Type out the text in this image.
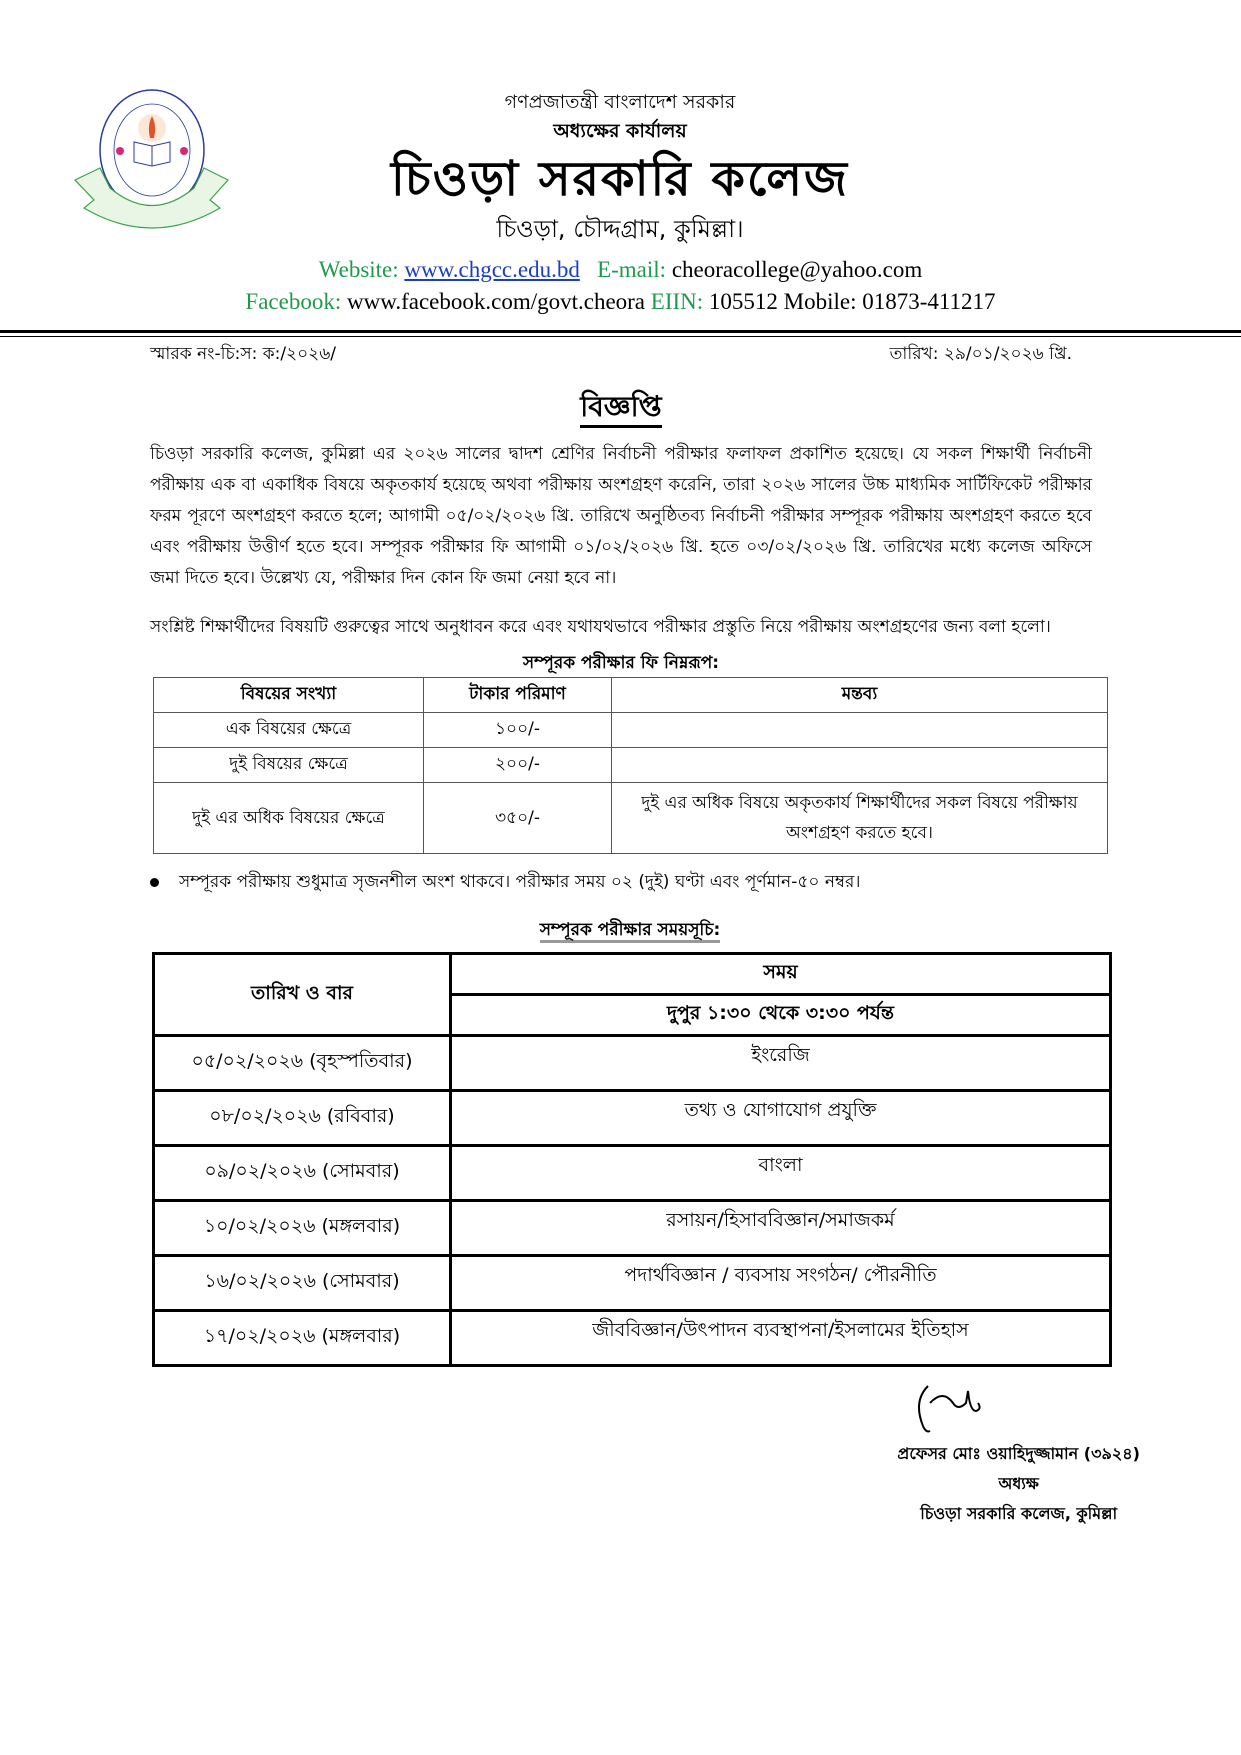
গণপ্রজাতন্ত্রী বাংলাদেশ সরকার
অধ্যক্ষের কার্যালয়
চিওড়া সরকারি কলেজ
চিওড়া, চৌদ্দগ্রাম, কুমিল্লা।
Website: www.chgcc.edu.bd E-mail: cheoracollege@yahoo.com
Facebook: www.facebook.com/govt.cheora EIIN: 105512 Mobile: 01873-411217
স্মারক নং-চি:স: ক:/২০২৬/	তারিখ: ২৯/০১/২০২৬ খ্রি.
বিজ্ঞপ্তি
চিওড়া সরকারি কলেজ, কুমিল্লা এর ২০২৬ সালের দ্বাদশ শ্রেণির নির্বাচনী পরীক্ষার ফলাফল প্রকাশিত হয়েছে। যে সকল শিক্ষার্থী নির্বাচনী পরীক্ষায় এক বা একাধিক বিষয়ে অকৃতকার্য হয়েছে অথবা পরীক্ষায় অংশগ্রহণ করেনি, তারা ২০২৬ সালের উচ্চ মাধ্যমিক সার্টিফিকেট পরীক্ষার ফরম পূরণে অংশগ্রহণ করতে হলে; আগামী ০৫/০২/২০২৬ খ্রি. তারিখে অনুষ্ঠিতব্য নির্বাচনী পরীক্ষার সম্পূরক পরীক্ষায় অংশগ্রহণ করতে হবে এবং পরীক্ষায় উত্তীর্ণ হতে হবে। সম্পূরক পরীক্ষার ফি আগামী ০১/০২/২০২৬ খ্রি. হতে ০৩/০২/২০২৬ খ্রি. তারিখের মধ্যে কলেজ অফিসে জমা দিতে হবে। উল্লেখ্য যে, পরীক্ষার দিন কোন ফি জমা নেয়া হবে না।
সংশ্লিষ্ট শিক্ষার্থীদের বিষয়টি গুরুত্বের সাথে অনুধাবন করে এবং যথাযথভাবে পরীক্ষার প্রস্তুতি নিয়ে পরীক্ষায় অংশগ্রহণের জন্য বলা হলো।
সম্পূরক পরীক্ষার ফি নিম্নরূপ:
বিষয়ের সংখ্যা	টাকার পরিমাণ	মন্তব্য
এক বিষয়ের ক্ষেত্রে	১০০/-	
দুই বিষয়ের ক্ষেত্রে	২০০/-	
দুই এর অধিক বিষয়ের ক্ষেত্রে	৩৫০/-	দুই এর অধিক বিষয়ে অকৃতকার্য শিক্ষার্থীদের সকল বিষয়ে পরীক্ষায় অংশগ্রহণ করতে হবে।
সম্পূরক পরীক্ষায় শুধুমাত্র সৃজনশীল অংশ থাকবে। পরীক্ষার সময় ০২ (দুই) ঘণ্টা এবং পূর্ণমান-৫০ নম্বর।
সম্পূরক পরীক্ষার সময়সূচি:
তারিখ ও বার	সময়
	দুপুর ১:৩০ থেকে ৩:৩০ পর্যন্ত
০৫/০২/২০২৬ (বৃহস্পতিবার)	ইংরেজি
০৮/০২/২০২৬ (রবিবার)	তথ্য ও যোগাযোগ প্রযুক্তি
০৯/০২/২০২৬ (সোমবার)	বাংলা
১০/০২/২০২৬ (মঙ্গলবার)	রসায়ন/হিসাববিজ্ঞান/সমাজকর্ম
১৬/০২/২০২৬ (সোমবার)	পদার্থবিজ্ঞান / ব্যবসায় সংগঠন/ পৌরনীতি
১৭/০২/২০২৬ (মঙ্গলবার)	জীববিজ্ঞান/উৎপাদন ব্যবস্থাপনা/ইসলামের ইতিহাস
প্রফেসর মোঃ ওয়াহিদুজ্জামান (৩৯২৪)
অধ্যক্ষ
চিওড়া সরকারি কলেজ, কুমিল্লা
